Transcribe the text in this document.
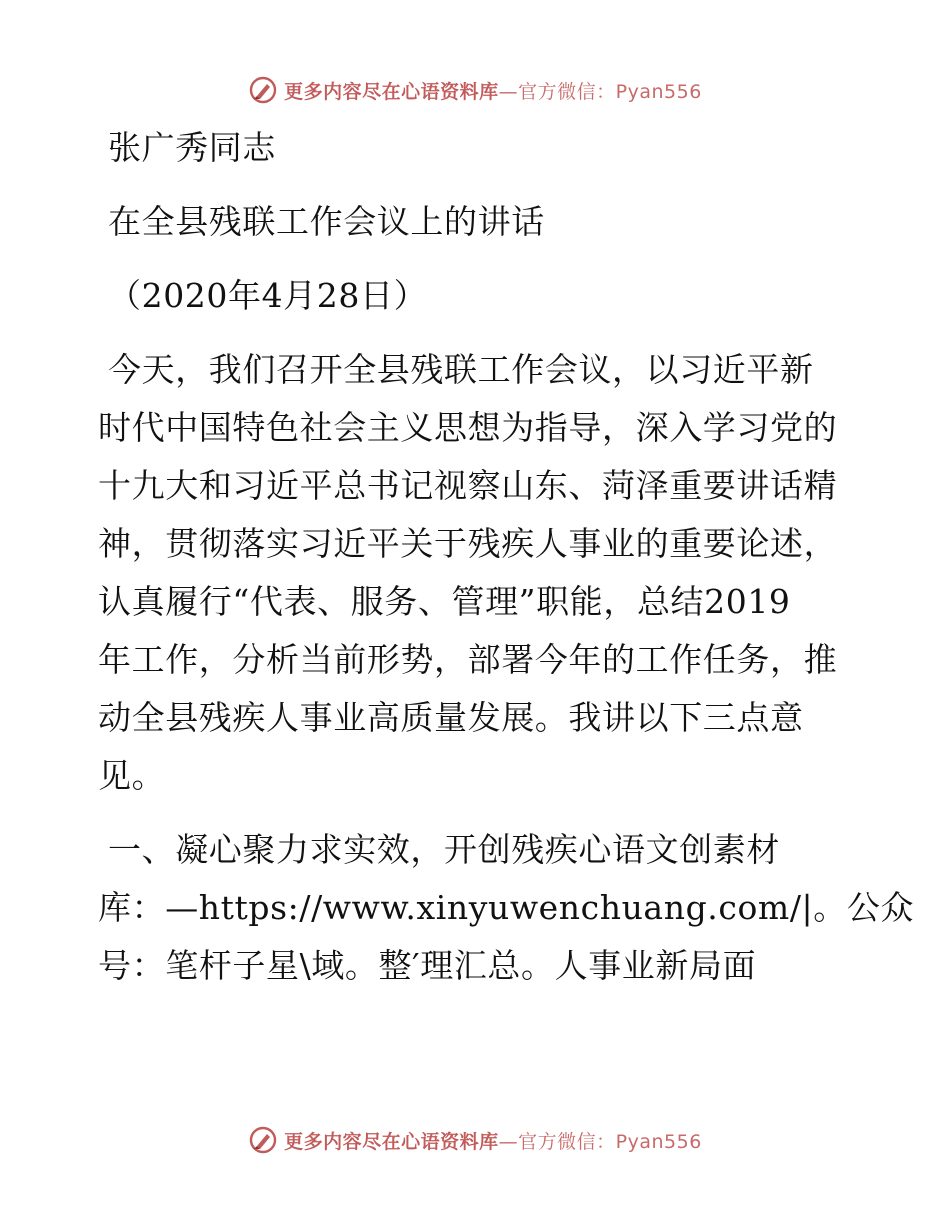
更多内容尽在心语资料库—官方微信：Pyan556
张广秀同志
在全县残联工作会议上的讲话
（2020年4月28日）
今天，我们召开全县残联工作会议，以习近平新
时代中国特色社会主义思想为指导，深入学习党的
十九大和习近平总书记视察山东、菏泽重要讲话精
神，贯彻落实习近平关于残疾人事业的重要论述，
认真履行“代表、服务、管理”职能，总结2019
年工作，分析当前形势，部署今年的工作任务，推
动全县残疾人事业高质量发展。我讲以下三点意
见。
一、凝心聚力求实效，开创残疾心语文创素材
库：—https://www.xinyuwenchuang.com/|。公众
号：笔杆子星\域。整′理汇总。人事业新局面
更多内容尽在心语资料库—官方微信：Pyan556
